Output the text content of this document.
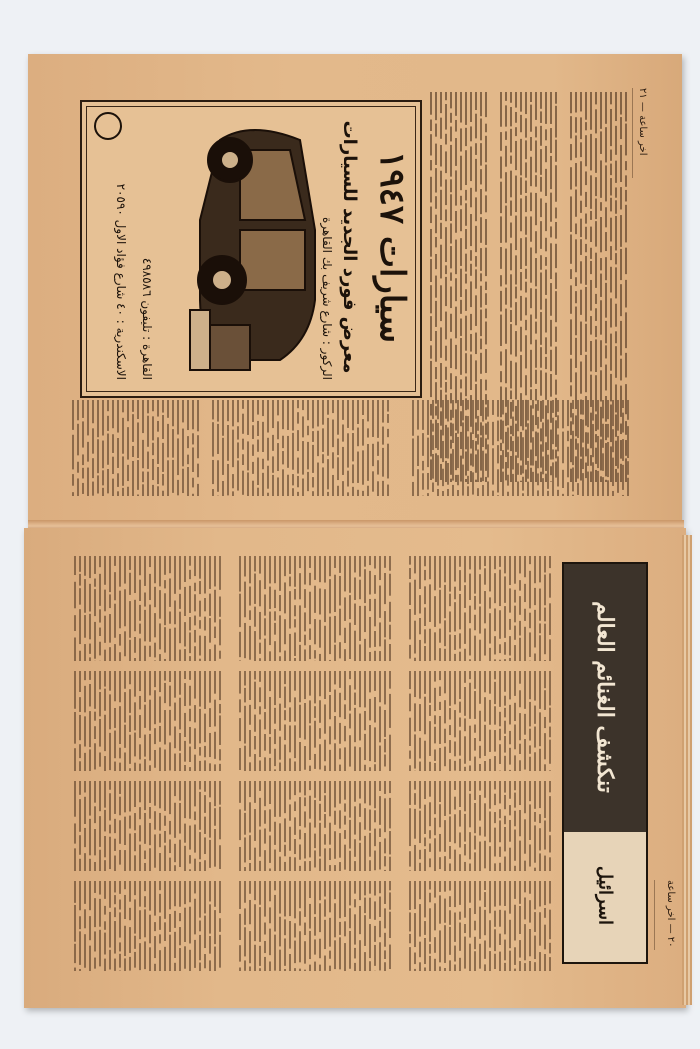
اخر ساعة — ٢١
سيارات ١٩٤٧
معرض فورد الجديد للسيارات
الركور : شارع شريف بك القاهرة
القاهرة : تليفون ٤٩٨٥٨٦
الاسكندرية : ٤٠ شارع فؤاد الاول ٢٠٥٩٠
تنكشف الغنائم العالم
اسرائيل	٢٠ — اخر ساعة
